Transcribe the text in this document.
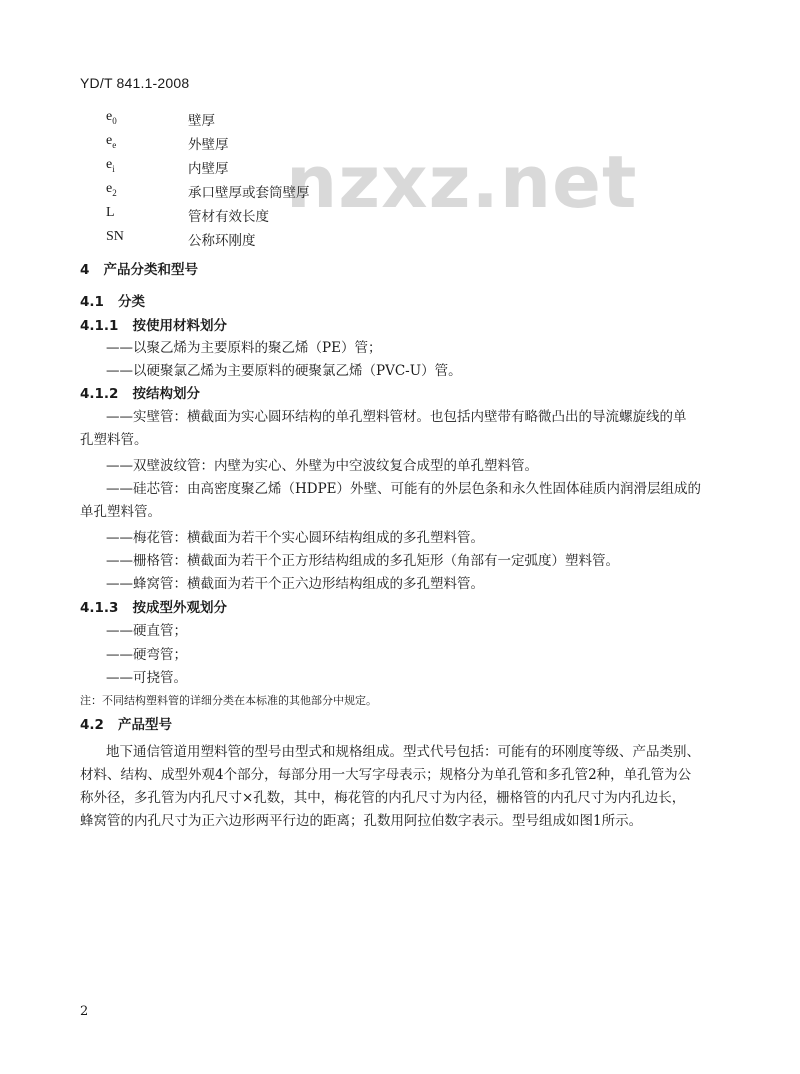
nzxz.net
YD/T 841.1-2008
$e_0$	壁厚
$e_e$	外壁厚
$e_i$	内壁厚
$e_2$	承口壁厚或套筒壁厚
L	管材有效长度
SN	公称环刚度
4 产品分类和型号
4.1 分类
4.1.1 按使用材料划分
——以聚乙烯为主要原料的聚乙烯（PE）管；
——以硬聚氯乙烯为主要原料的硬聚氯乙烯（PVC-U）管。
4.1.2 按结构划分
——实壁管：横截面为实心圆环结构的单孔塑料管材。也包括内壁带有略微凸出的导流螺旋线的单
孔塑料管。
——双壁波纹管：内壁为实心、外壁为中空波纹复合成型的单孔塑料管。
——硅芯管：由高密度聚乙烯（HDPE）外壁、可能有的外层色条和永久性固体硅质内润滑层组成的
单孔塑料管。
——梅花管：横截面为若干个实心圆环结构组成的多孔塑料管。
——栅格管：横截面为若干个正方形结构组成的多孔矩形（角部有一定弧度）塑料管。
——蜂窝管：横截面为若干个正六边形结构组成的多孔塑料管。
4.1.3 按成型外观划分
——硬直管；
——硬弯管；
——可挠管。
注：不同结构塑料管的详细分类在本标准的其他部分中规定。
4.2 产品型号
地下通信管道用塑料管的型号由型式和规格组成。型式代号包括：可能有的环刚度等级、产品类别、
材料、结构、成型外观4个部分，每部分用一大写字母表示；规格分为单孔管和多孔管2种，单孔管为公
称外径，多孔管为内孔尺寸×孔数，其中，梅花管的内孔尺寸为内径，栅格管的内孔尺寸为内孔边长，
蜂窝管的内孔尺寸为正六边形两平行边的距离；孔数用阿拉伯数字表示。型号组成如图1所示。
2
